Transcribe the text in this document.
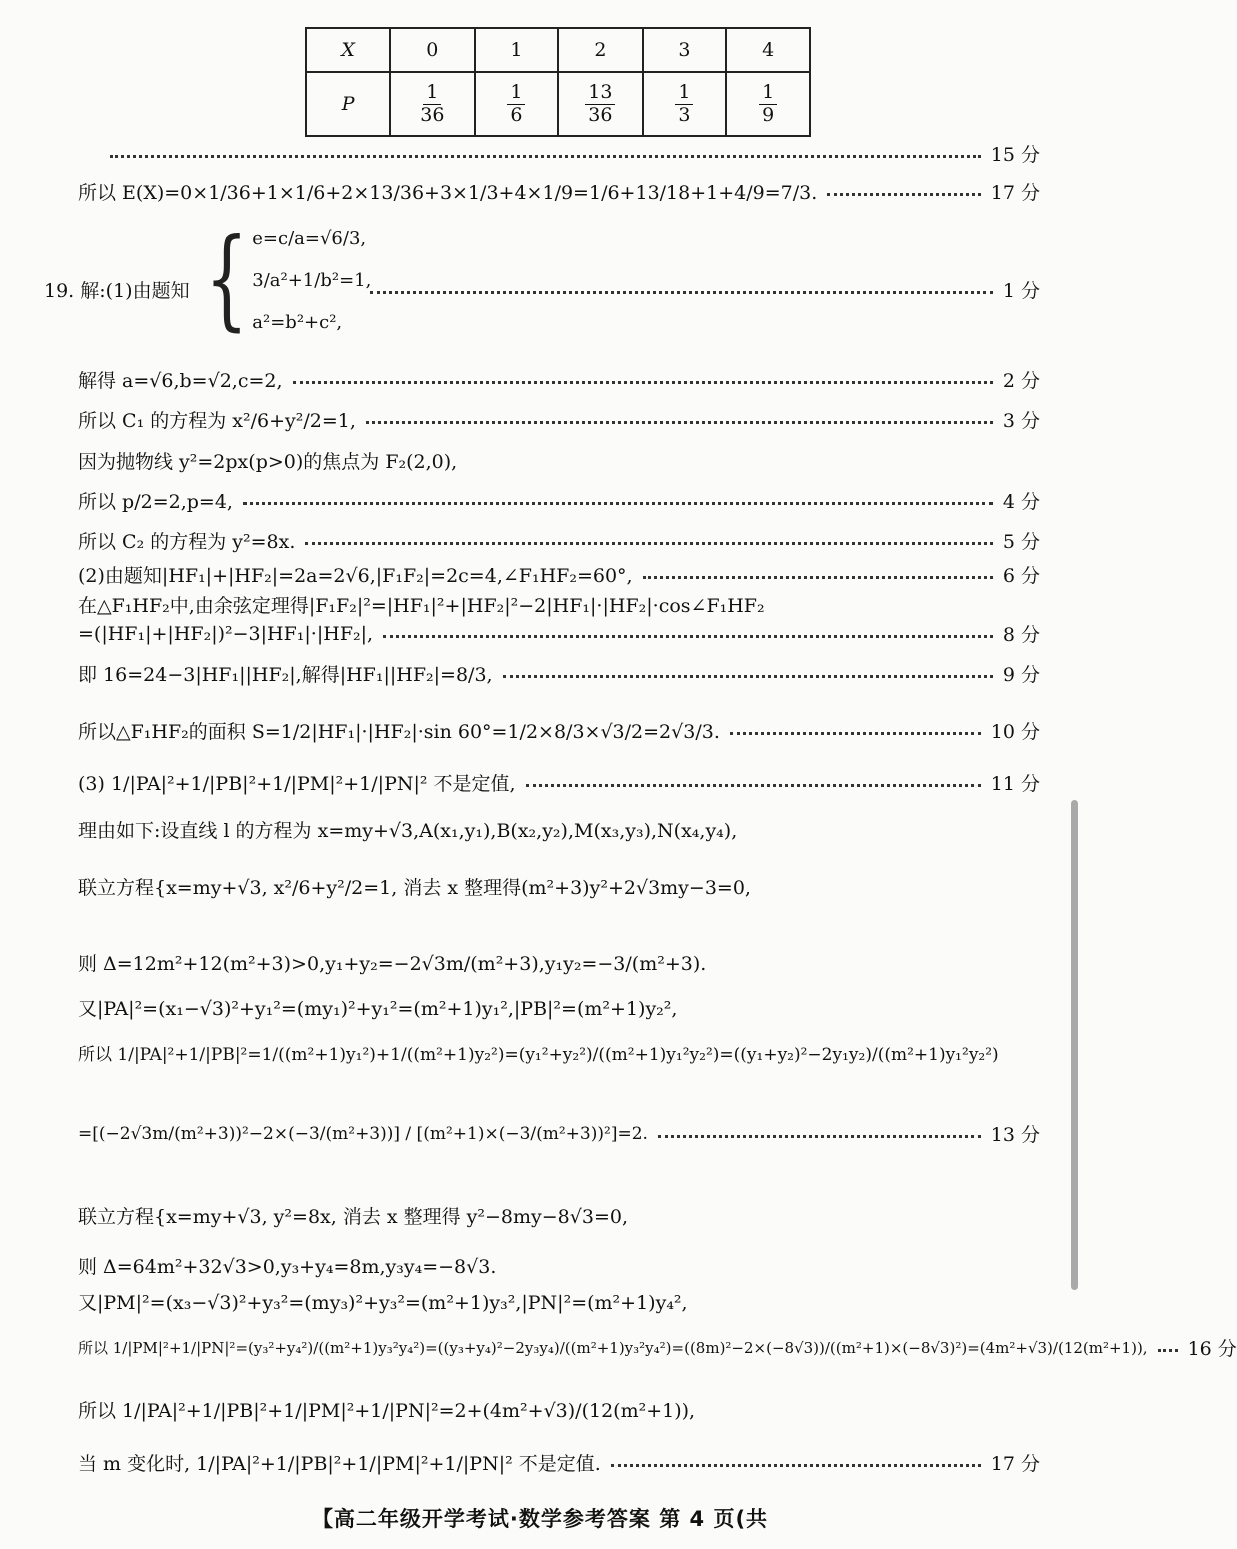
X	0	1	2	3	4
P	$\frac{1}{36}$	$\frac{1}{6}$	$\frac{13}{36}$	$\frac{1}{3}$	$\frac{1}{9}$
15 分
所以 E(X)=0×1/36+1×1/6+2×13/36+3×1/3+4×1/9=1/6+13/18+1+4/9=7/3.	17 分
19. 解:(1)由题知 { e=c/a=√6/3,
3/a²+1/b²=1,
a²=b²+c²,
1 分
解得 a=√6,b=√2,c=2,	2 分
所以 C₁ 的方程为 x²/6+y²/2=1,	3 分
因为抛物线 y²=2px(p>0)的焦点为 F₂(2,0),
所以 p/2=2,p=4,	4 分
所以 C₂ 的方程为 y²=8x.	5 分
(2)由题知|HF₁|+|HF₂|=2a=2√6,|F₁F₂|=2c=4,∠F₁HF₂=60°,	6 分
在△F₁HF₂中,由余弦定理得|F₁F₂|²=|HF₁|²+|HF₂|²−2|HF₁|·|HF₂|·cos∠F₁HF₂
=(|HF₁|+|HF₂|)²−3|HF₁|·|HF₂|,	8 分
即 16=24−3|HF₁||HF₂|,解得|HF₁||HF₂|=8/3,	9 分
所以△F₁HF₂的面积 S=1/2|HF₁|·|HF₂|·sin 60°=1/2×8/3×√3/2=2√3/3.	10 分
(3) 1/|PA|²+1/|PB|²+1/|PM|²+1/|PN|² 不是定值,	11 分
理由如下:设直线 l 的方程为 x=my+√3,A(x₁,y₁),B(x₂,y₂),M(x₃,y₃),N(x₄,y₄),
联立方程{x=my+√3, x²/6+y²/2=1, 消去 x 整理得(m²+3)y²+2√3my−3=0,
则 Δ=12m²+12(m²+3)>0,y₁+y₂=−2√3m/(m²+3),y₁y₂=−3/(m²+3).
又|PA|²=(x₁−√3)²+y₁²=(my₁)²+y₁²=(m²+1)y₁²,|PB|²=(m²+1)y₂²,
所以 1/|PA|²+1/|PB|²=1/((m²+1)y₁²)+1/((m²+1)y₂²)=(y₁²+y₂²)/((m²+1)y₁²y₂²)=((y₁+y₂)²−2y₁y₂)/((m²+1)y₁²y₂²)
=[(−2√3m/(m²+3))²−2×(−3/(m²+3))] / [(m²+1)×(−3/(m²+3))²]=2.	13 分
联立方程{x=my+√3, y²=8x, 消去 x 整理得 y²−8my−8√3=0,
则 Δ=64m²+32√3>0,y₃+y₄=8m,y₃y₄=−8√3.
又|PM|²=(x₃−√3)²+y₃²=(my₃)²+y₃²=(m²+1)y₃²,|PN|²=(m²+1)y₄²,
所以 1/|PM|²+1/|PN|²=(y₃²+y₄²)/((m²+1)y₃²y₄²)=((y₃+y₄)²−2y₃y₄)/((m²+1)y₃²y₄²)=((8m)²−2×(−8√3))/((m²+1)×(−8√3)²)=(4m²+√3)/(12(m²+1)), 16 分
所以 1/|PA|²+1/|PB|²+1/|PM|²+1/|PN|²=2+(4m²+√3)/(12(m²+1)),
当 m 变化时, 1/|PA|²+1/|PB|²+1/|PM|²+1/|PN|² 不是定值.	17 分
【高二年级开学考试·数学参考答案 第 4 页(共
